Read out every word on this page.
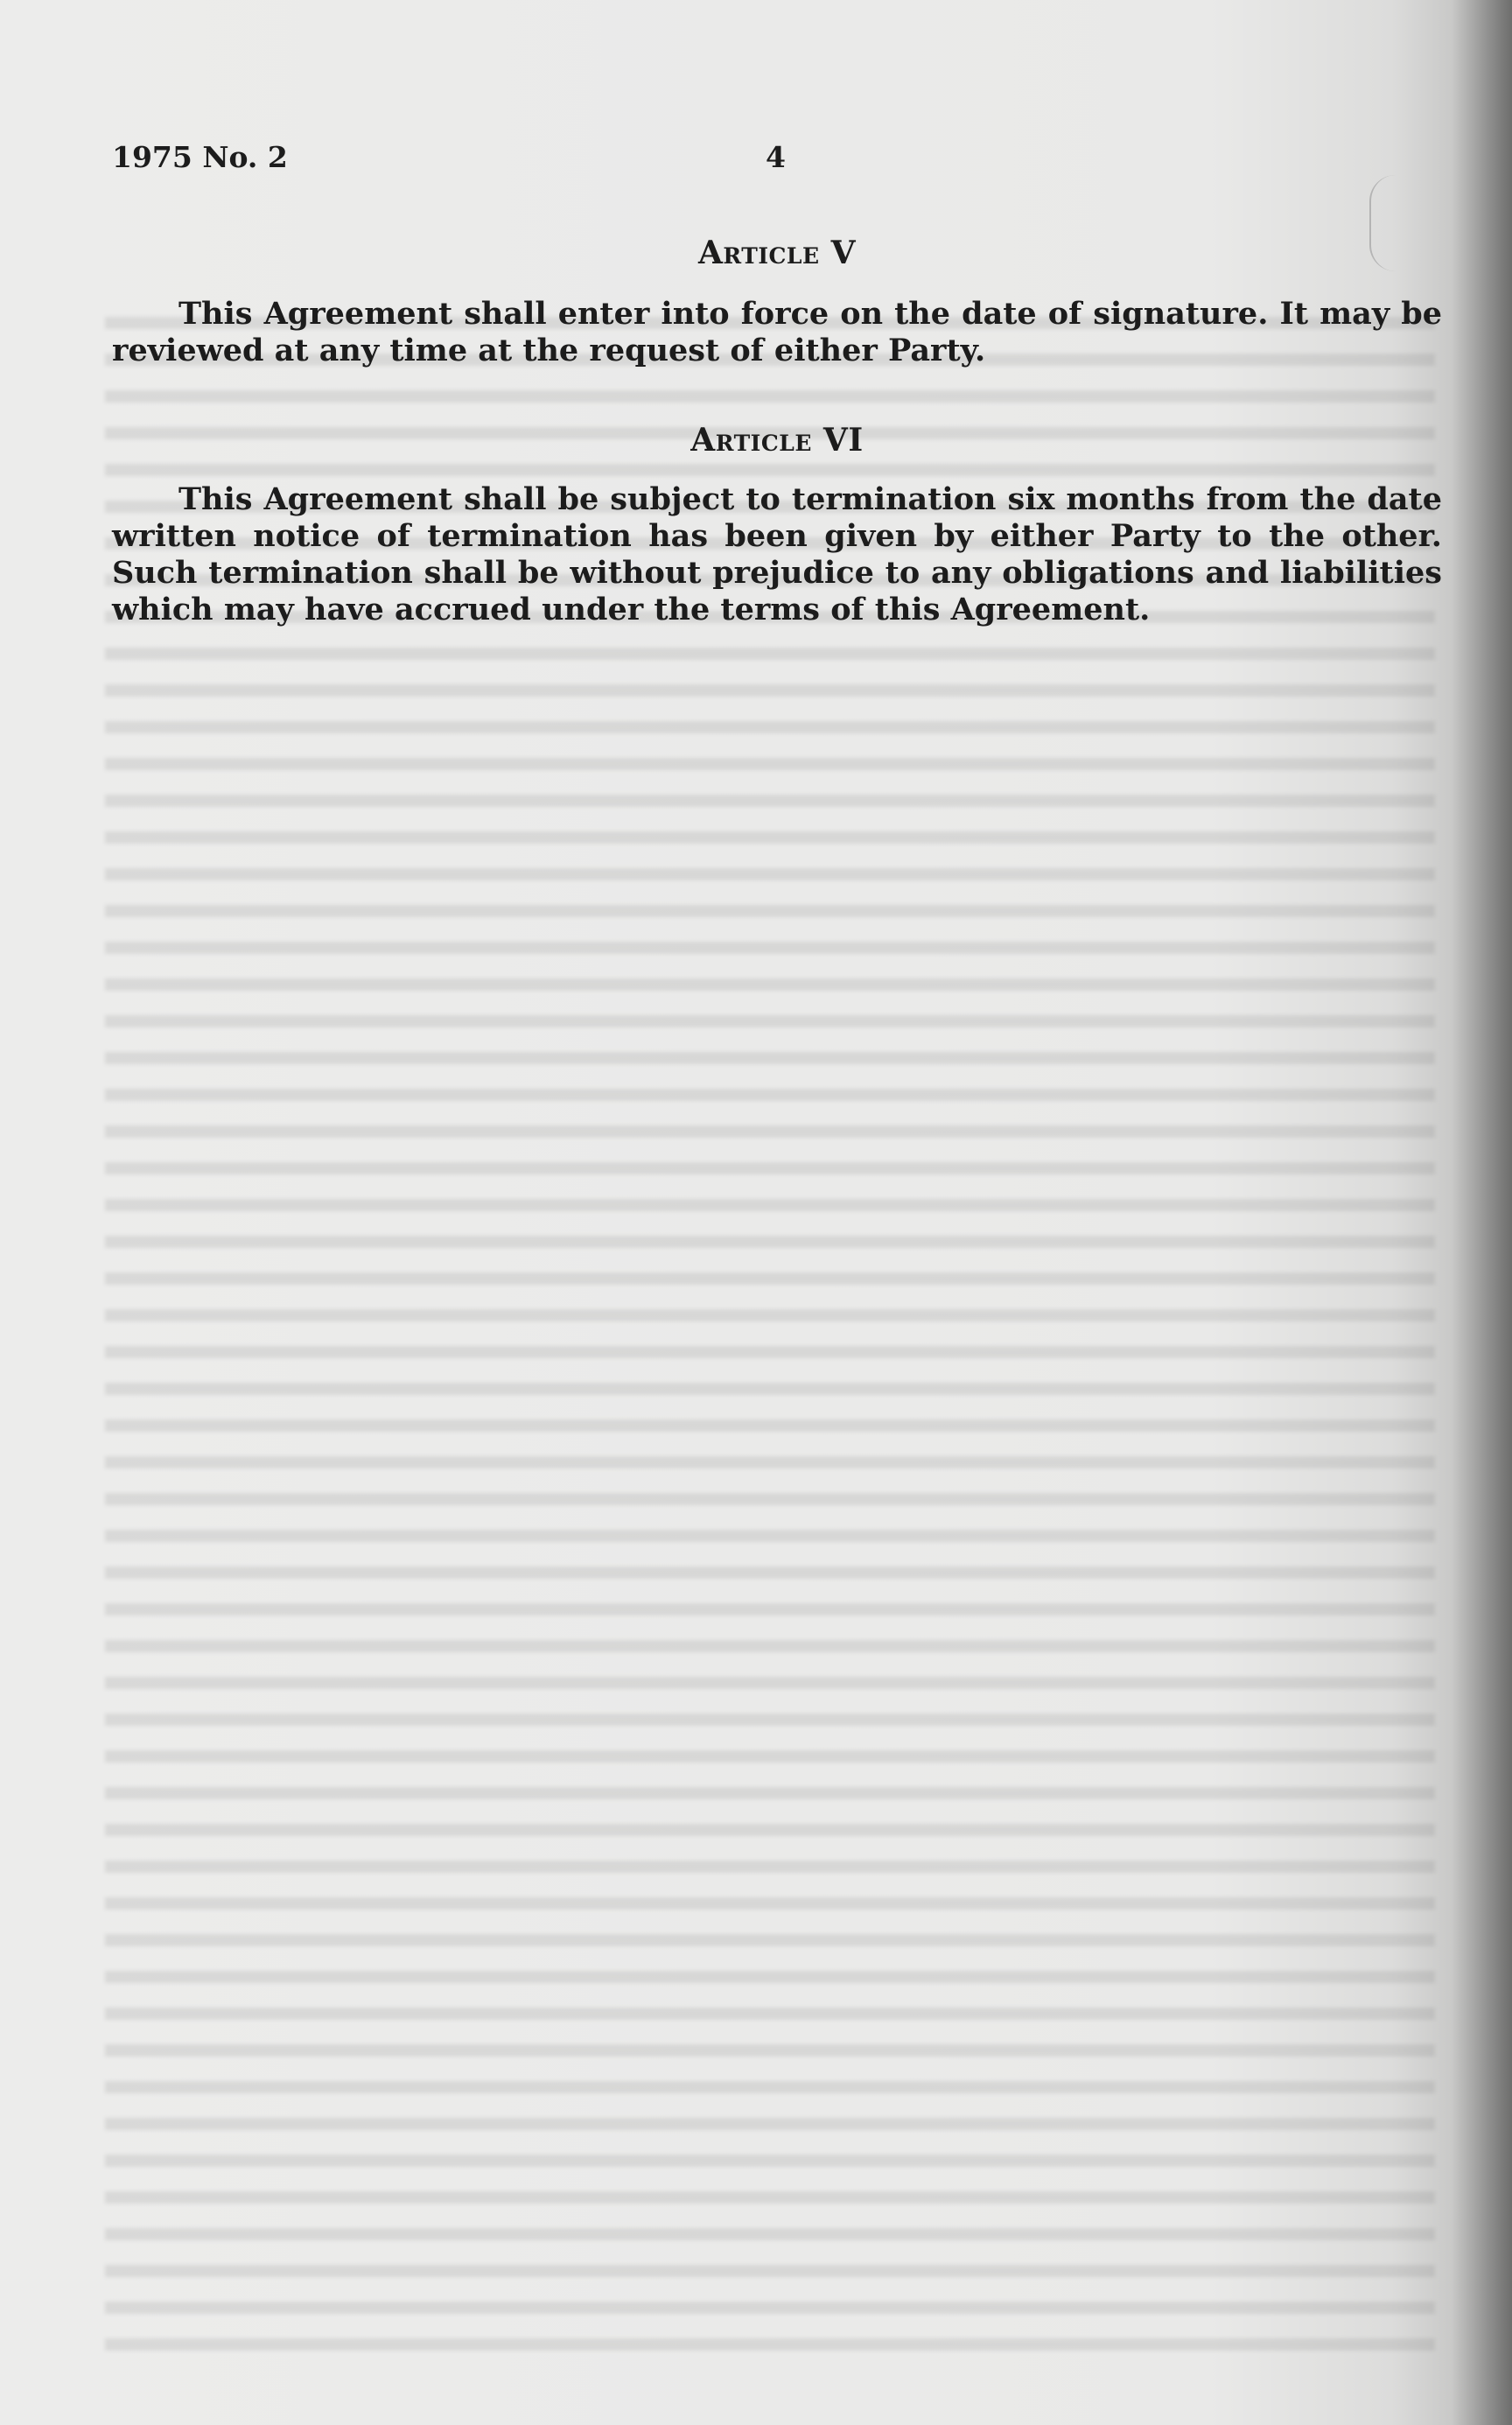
1975 No. 2	4
Article V
This Agreement shall enter into force on the date of signature. It may be reviewed at any time at the request of either Party.
Article VI
This Agreement shall be subject to termination six months from the date written notice of termination has been given by either Party to the other. Such termination shall be without prejudice to any obligations and liabilities which may have accrued under the terms of this Agreement.
